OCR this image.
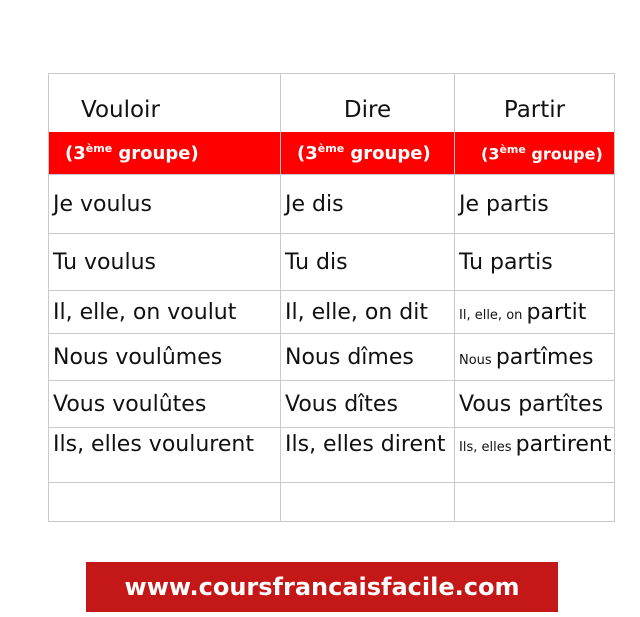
Vouloir	Dire	Partir
(3ème groupe)	(3ème groupe)	(3ème groupe)
Je voulus	Je dis	Je partis
Tu voulus	Tu dis	Tu partis
Il, elle, on voulut	Il, elle, on dit	Il, elle, on partit
Nous voulûmes	Nous dîmes	Nous partîmes
Vous voulûtes	Vous dîtes	Vous partîtes
Ils, elles voulurent	Ils, elles dirent	Ils, elles partirent

www.coursfrancaisfacile.com
